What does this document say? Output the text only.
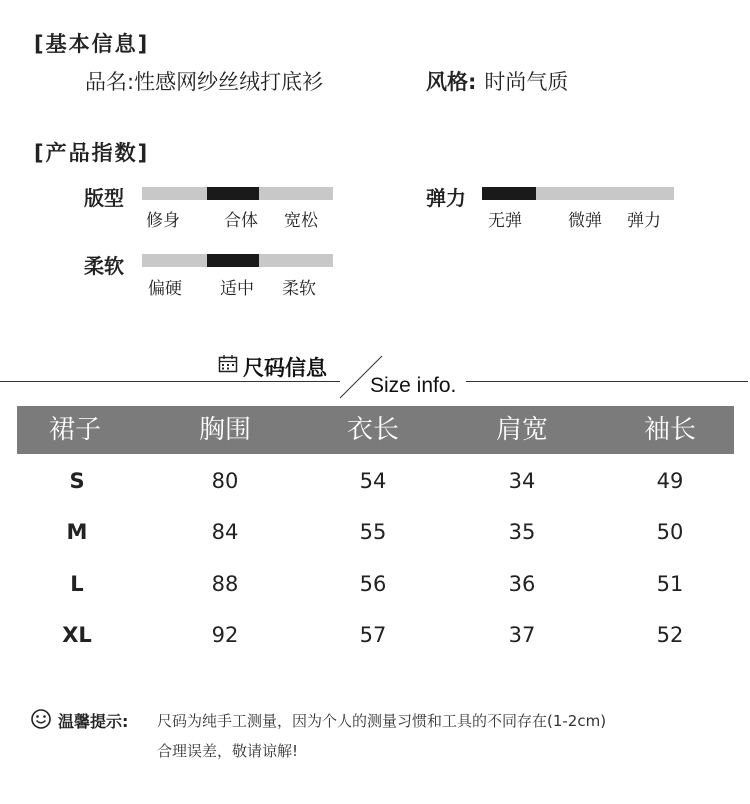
[基本信息]
品名:性感网纱丝绒打底衫	风格: 时尚气质
[产品指数]
版型
修身	合体 宽松
弹力
无弹	微弹 弹力
柔软
偏硬 适中 柔软
尺码信息
Size info.
裙子	胸围	衣长	肩宽	袖长
S	80	54	34	49
M	84	55	35	50
L	88	56	36	51
XL	92	57	37	52
温馨提示: 尺码为纯手工测量，因为个人的测量习惯和工具的不同存在(1-2cm)
合理误差，敬请谅解!
